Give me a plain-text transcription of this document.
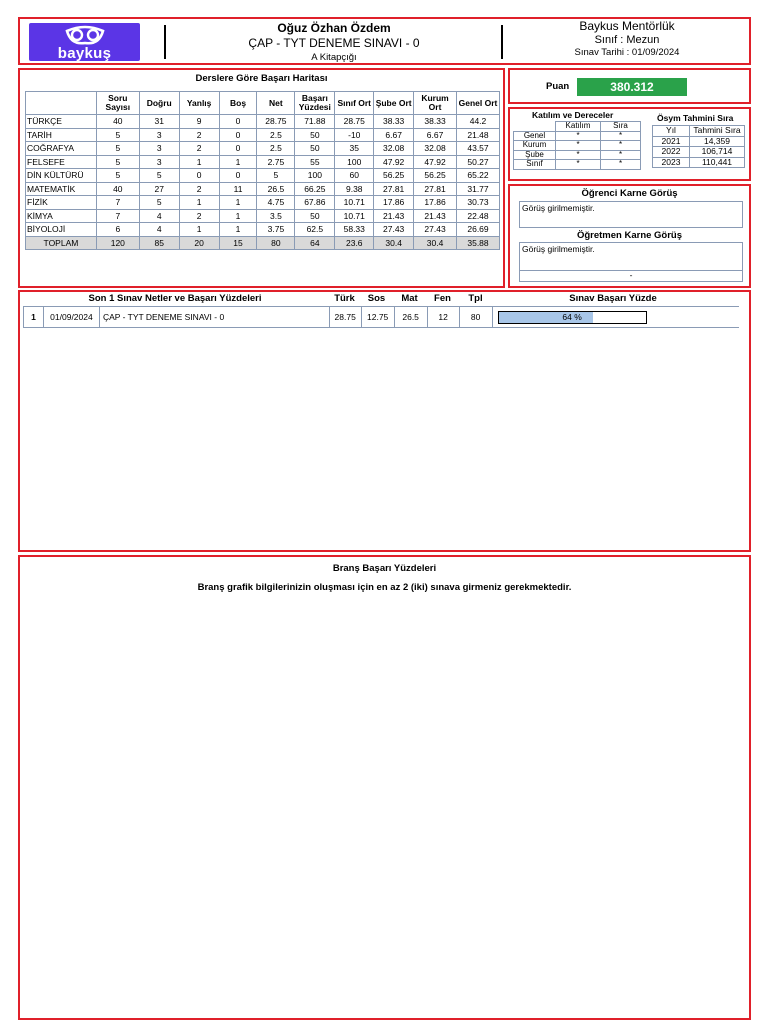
baykuş
Oğuz Özhan Özdem
ÇAP - TYT DENEME SINAVI - 0
A Kitapçığı
Baykus Mentörlük
Sınıf : Mezun
Sınav Tarihi : 01/09/2024
Derslere Göre Başarı Haritası
	Soru Sayısı	Doğru	Yanlış	Boş	Net	Başarı Yüzdesi	Sınıf Ort	Şube Ort	Kurum Ort	Genel Ort
TÜRKÇE	40	31	9	0	28.75	71.88	28.75	38.33	38.33	44.2
TARİH	5	3	2	0	2.5	50	-10	6.67	6.67	21.48
COĞRAFYA	5	3	2	0	2.5	50	35	32.08	32.08	43.57
FELSEFE	5	3	1	1	2.75	55	100	47.92	47.92	50.27
DİN KÜLTÜRÜ	5	5	0	0	5	100	60	56.25	56.25	65.22
MATEMATİK	40	27	2	11	26.5	66.25	9.38	27.81	27.81	31.77
FİZİK	7	5	1	1	4.75	67.86	10.71	17.86	17.86	30.73
KİMYA	7	4	2	1	3.5	50	10.71	21.43	21.43	22.48
BİYOLOJİ	6	4	1	1	3.75	62.5	58.33	27.43	27.43	26.69
TOPLAM	120	85	20	15	80	64	23.6	30.4	30.4	35.88
Puan	380.312
Katılım ve Dereceler
	Katılım	Sıra
Genel	*	*
Kurum	*	*
Şube	*	*
Sınıf	*	*
Ösym Tahmini Sıra
Yıl	Tahmini Sıra
2021	14,359
2022	106,714
2023	110,441
Öğrenci Karne Görüş
Görüş girilmemiştir.
Öğretmen Karne Görüş
Görüş girilmemiştir.
-
Son 1 Sınav Netler ve Başarı Yüzdeleri	Türk	Sos	Mat	Fen	Tpl	Sınav Başarı Yüzde
1	01/09/2024	ÇAP - TYT DENEME SINAVI - 0	28.75	12.75	26.5	12	80	64 %
Branş Başarı Yüzdeleri
Branş grafik bilgilerinizin oluşması için en az 2 (iki) sınava girmeniz gerekmektedir.
